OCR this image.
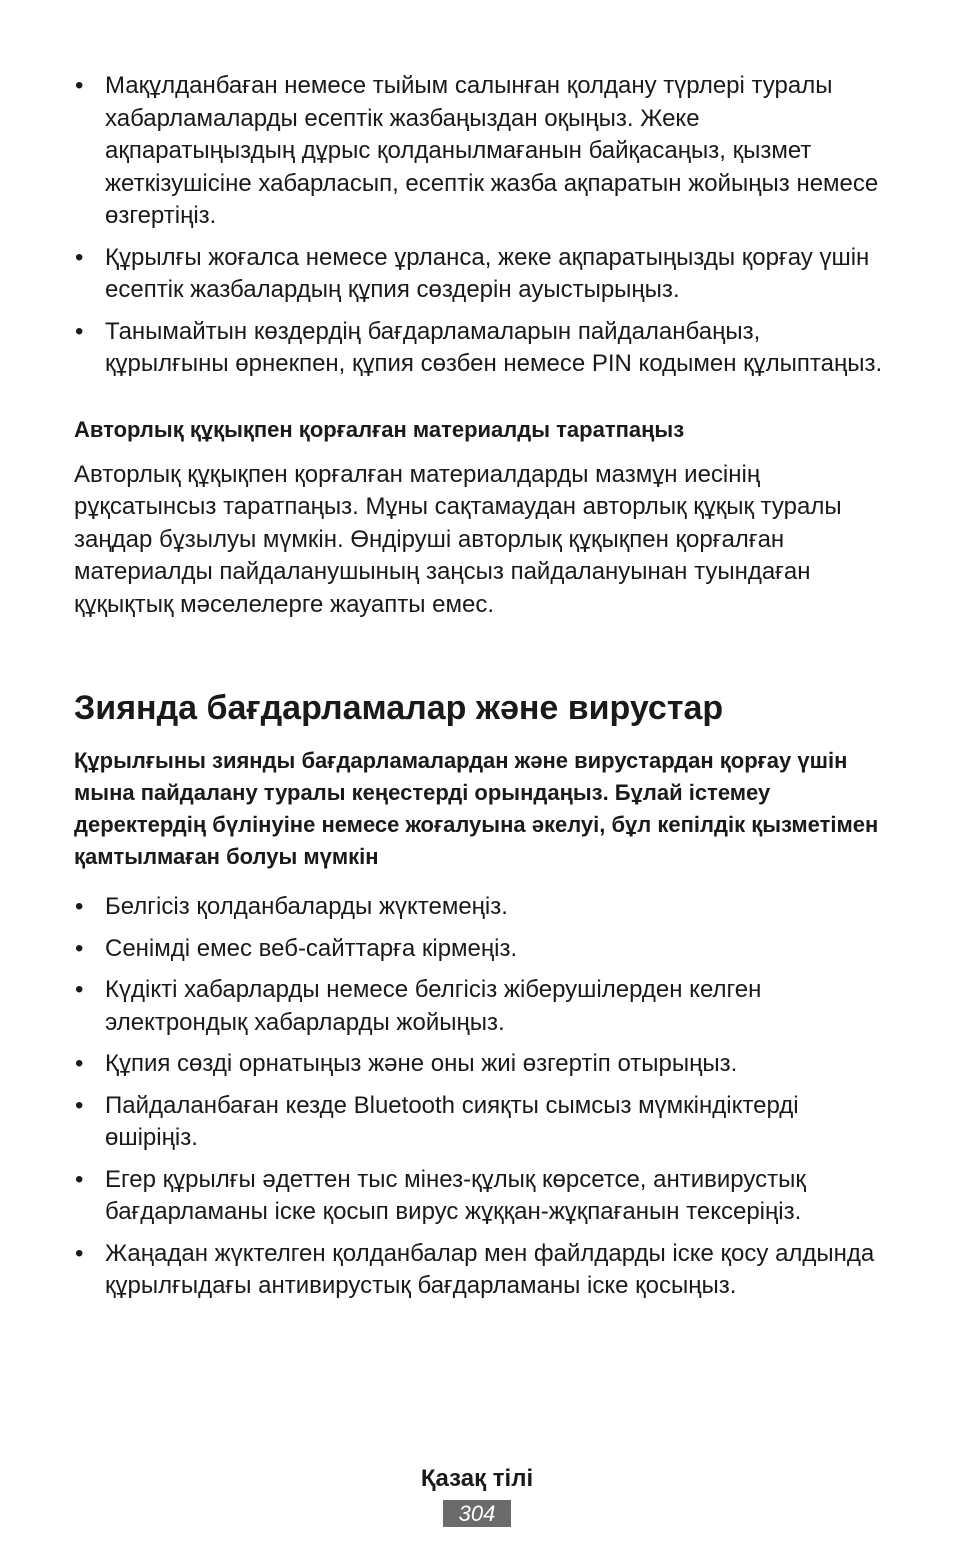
• Мақұлданбаған немесе тыйым салынған қолдану түрлері туралы хабарламаларды есептік жазбаңыздан оқыңыз. Жеке ақпаратыңыздың дұрыс қолданылмағанын байқасаңыз, қызмет жеткізушісіне хабарласып, есептік жазба ақпаратын жойыңыз немесе өзгертіңіз.
• Құрылғы жоғалса немесе ұрланса, жеке ақпаратыңызды қорғау үшін есептік жазбалардың құпия сөздерін ауыстырыңыз.
• Танымайтын көздердің бағдарламаларын пайдаланбаңыз, құрылғыны өрнекпен, құпия сөзбен немесе PIN кодымен құлыптаңыз.
Авторлық құқықпен қорғалған материалды таратпаңыз

Авторлық құқықпен қорғалған материалдарды мазмұн иесінің рұқсатынсыз таратпаңыз. Мұны сақтамаудан авторлық құқық туралы заңдар бұзылуы мүмкін. Өндіруші авторлық құқықпен қорғалған материалды пайдаланушының заңсыз пайдалануынан туындаған құқықтық мәселелерге жауапты емес.

Зиянда бағдарламалар және вирустар

Құрылғыны зиянды бағдарламалардан және вирустардан қорғау үшін мына пайдалану туралы кеңестерді орындаңыз. Бұлай істемеу деректердің бүлінуіне немесе жоғалуына әкелуі, бұл кепілдік қызметімен қамтылмаған болуы мүмкін

• Белгісіз қолданбаларды жүктемеңіз.
• Сенімді емес веб-сайттарға кірмеңіз.
• Күдікті хабарларды немесе белгісіз жіберушілерден келген электрондық хабарларды жойыңыз.
• Құпия сөзді орнатыңыз және оны жиі өзгертіп отырыңыз.
• Пайдаланбаған кезде Bluetooth сияқты сымсыз мүмкіндіктерді өшіріңіз.
• Егер құрылғы әдеттен тыс мінез-құлық көрсетсе, антивирустық бағдарламаны іске қосып вирус жұққан-жұқпағанын тексеріңіз.
• Жаңадан жүктелген қолданбалар мен файлдарды іске қосу алдында құрылғыдағы антивирустық бағдарламаны іске қосыңыз.
Қазақ тілі
304
